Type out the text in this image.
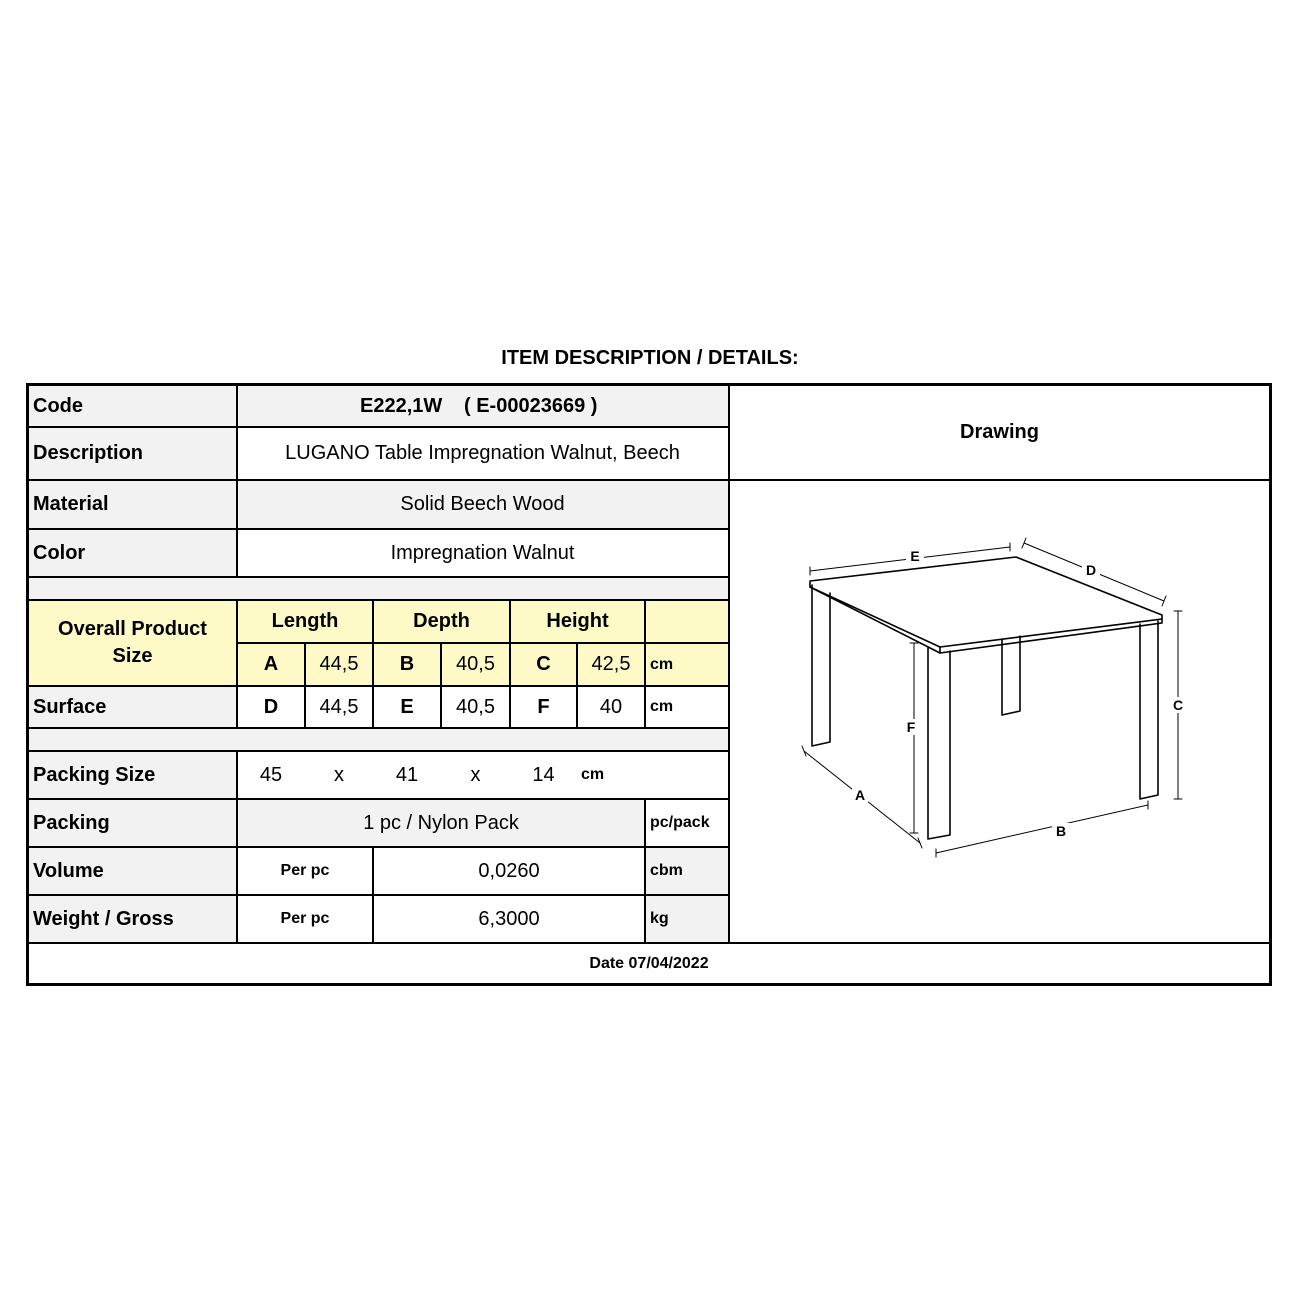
ITEM DESCRIPTION / DETAILS:
Code	E222,1W ( E-00023669 )
Description	LUGANO Table Impregnation Walnut, Beech
Material	Solid Beech Wood
Color	Impregnation Walnut
Overall Product Size
Length	Depth	Height
A	44,5	B	40,5	C	42,5	cm
Surface	D	44,5	E	40,5	F	40	cm
Packing Size	45	x	41	x	14	cm
Packing	1 pc / Nylon Pack	pc/pack
Volume	Per pc	0,0260	cbm
Weight / Gross	Per pc	6,3000	kg
Date 07/04/2022
Drawing
E
D
C
F
A
B
